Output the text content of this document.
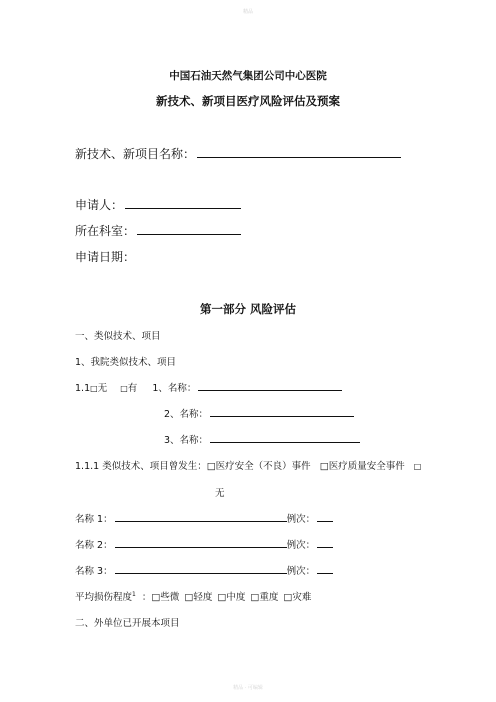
精品
中国石油天然气集团公司中心医院
新技术、新项目医疗风险评估及预案
新技术、新项目名称：
申请人：
所在科室：
申请日期：
第一部分 风险评估
一、类似技术、项目
1、我院类似技术、项目
1.1□无 □有 1、名称：
2、名称：
3、名称：
1.1.1 类似技术、项目曾发生：□医疗安全（不良）事件 □医疗质量安全事件 □
无
名称 1：	例次：
名称 2：	例次：
名称 3：	例次：
平均损伤程度$^1$ ：□些微 □轻度 □中度 □重度 □灾难
二、外单位已开展本项目
精品 · 可编辑
